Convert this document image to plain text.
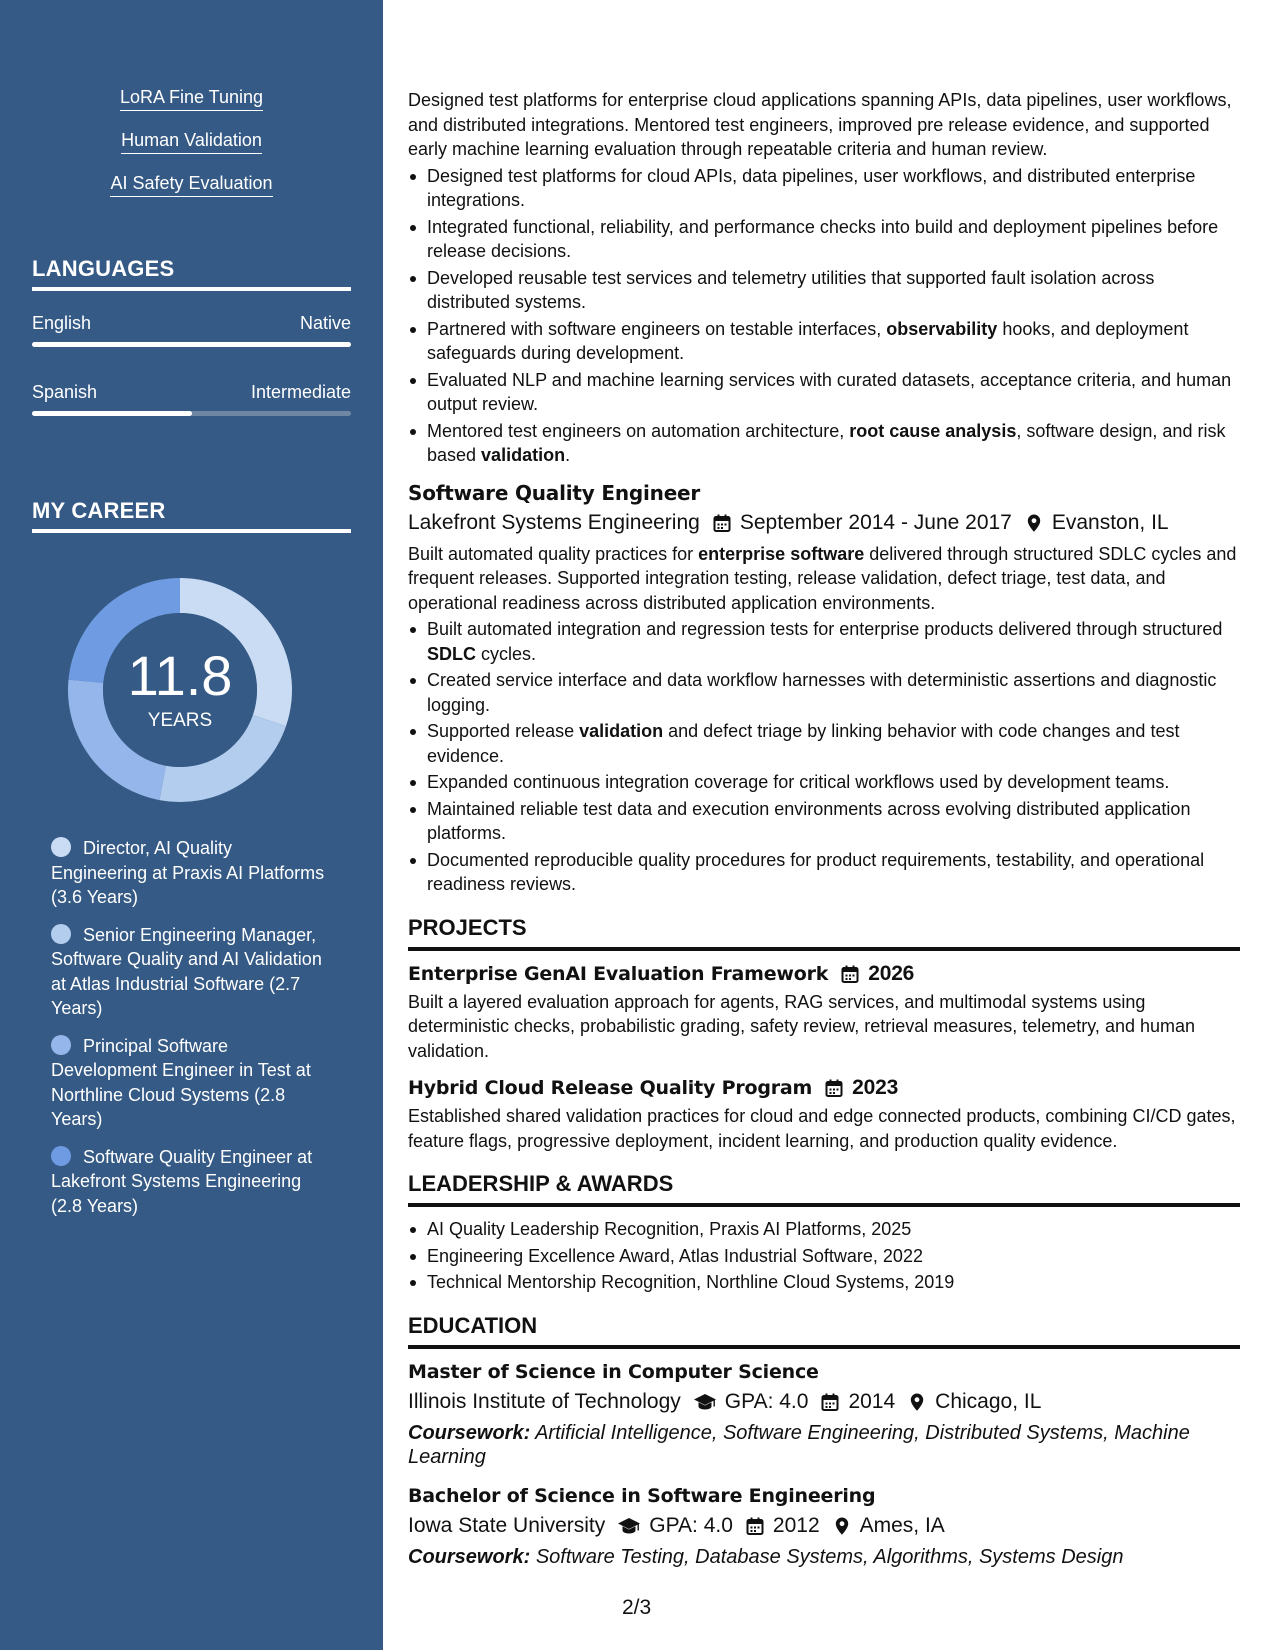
LoRA Fine Tuning
Human Validation
AI Safety Evaluation
LANGUAGES
English	Native
Spanish	Intermediate
MY CAREER
11.8
YEARS
Director, AI Quality Engineering at Praxis AI Platforms (3.6 Years)
Senior Engineering Manager, Software Quality and AI Validation at Atlas Industrial Software (2.7 Years)
Principal Software Development Engineer in Test at Northline Cloud Systems (2.8 Years)
Software Quality Engineer at Lakefront Systems Engineering (2.8 Years)

Designed test platforms for enterprise cloud applications spanning APIs, data pipelines, user workflows, and distributed integrations. Mentored test engineers, improved pre release evidence, and supported early machine learning evaluation through repeatable criteria and human review.

Designed test platforms for cloud APIs, data pipelines, user workflows, and distributed enterprise integrations.
Integrated functional, reliability, and performance checks into build and deployment pipelines before release decisions.
Developed reusable test services and telemetry utilities that supported fault isolation across distributed systems.
Partnered with software engineers on testable interfaces, observability hooks, and deployment safeguards during development.
Evaluated NLP and machine learning services with curated datasets, acceptance criteria, and human output review.
Mentored test engineers on automation architecture, root cause analysis, software design, and risk based validation.
Software Quality Engineer
Lakefront Systems Engineering September 2014 - June 2017 Evanston, IL

Built automated quality practices for enterprise software delivered through structured SDLC cycles and frequent releases. Supported integration testing, release validation, defect triage, test data, and operational readiness across distributed application environments.

Built automated integration and regression tests for enterprise products delivered through structured SDLC cycles.
Created service interface and data workflow harnesses with deterministic assertions and diagnostic logging.
Supported release validation and defect triage by linking behavior with code changes and test evidence.
Expanded continuous integration coverage for critical workflows used by development teams.
Maintained reliable test data and execution environments across evolving distributed application platforms.
Documented reproducible quality procedures for product requirements, testability, and operational readiness reviews.
PROJECTS
Enterprise GenAI Evaluation Framework 2026

Built a layered evaluation approach for agents, RAG services, and multimodal systems using deterministic checks, probabilistic grading, safety review, retrieval measures, telemetry, and human validation.

Hybrid Cloud Release Quality Program 2023

Established shared validation practices for cloud and edge connected products, combining CI/CD gates, feature flags, progressive deployment, incident learning, and production quality evidence.

LEADERSHIP & AWARDS
AI Quality Leadership Recognition, Praxis AI Platforms, 2025
Engineering Excellence Award, Atlas Industrial Software, 2022
Technical Mentorship Recognition, Northline Cloud Systems, 2019
EDUCATION
Master of Science in Computer Science
Illinois Institute of Technology GPA: 4.0 2014 Chicago, IL
Coursework: Artificial Intelligence, Software Engineering, Distributed Systems, Machine Learning
Bachelor of Science in Software Engineering
Iowa State University GPA: 4.0 2012 Ames, IA
Coursework: Software Testing, Database Systems, Algorithms, Systems Design
2/3
